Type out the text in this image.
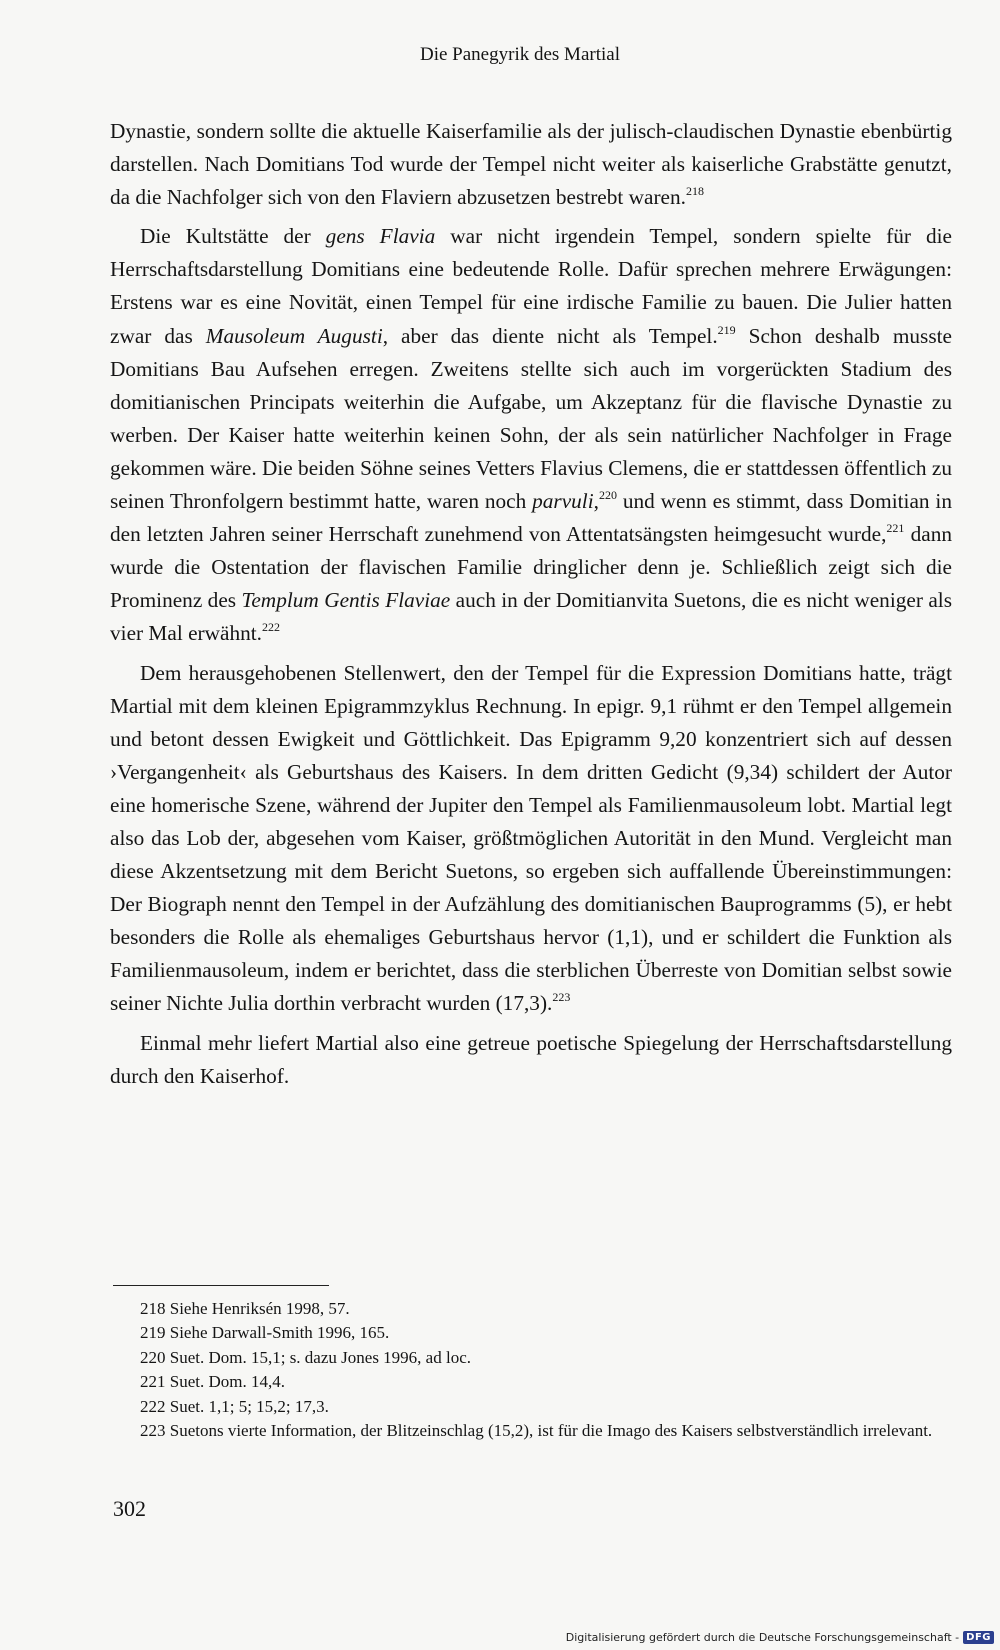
Die Panegyrik des Martial

Dynastie, sondern sollte die aktuelle Kaiserfamilie als der julisch-claudischen Dynastie ebenbürtig darstellen. Nach Domitians Tod wurde der Tempel nicht weiter als kaiserliche Grabstätte genutzt, da die Nachfolger sich von den Flaviern abzusetzen bestrebt waren.$^{218}$

Die Kultstätte der gens Flavia war nicht irgendein Tempel, sondern spielte für die Herrschaftsdarstellung Domitians eine bedeutende Rolle. Dafür sprechen mehrere Erwägungen: Erstens war es eine Novität, einen Tempel für eine irdische Familie zu bauen. Die Julier hatten zwar das Mausoleum Augusti, aber das diente nicht als Tempel.$^{219}$ Schon deshalb musste Domitians Bau Aufsehen erregen. Zweitens stellte sich auch im vorgerückten Stadium des domitianischen Principats weiterhin die Aufgabe, um Akzeptanz für die flavische Dynastie zu werben. Der Kaiser hatte weiterhin keinen Sohn, der als sein natürlicher Nachfolger in Frage gekommen wäre. Die beiden Söhne seines Vetters Flavius Clemens, die er stattdessen öffentlich zu seinen Thronfolgern bestimmt hatte, waren noch parvuli,$^{220}$ und wenn es stimmt, dass Domitian in den letzten Jahren seiner Herrschaft zunehmend von Attentatsängsten heimgesucht wurde,$^{221}$ dann wurde die Ostentation der flavischen Familie dringlicher denn je. Schließlich zeigt sich die Prominenz des Templum Gentis Flaviae auch in der Domitianvita Suetons, die es nicht weniger als vier Mal erwähnt.$^{222}$

Dem herausgehobenen Stellenwert, den der Tempel für die Expression Domitians hatte, trägt Martial mit dem kleinen Epigrammzyklus Rechnung. In epigr. 9,1 rühmt er den Tempel allgemein und betont dessen Ewigkeit und Göttlichkeit. Das Epigramm 9,20 konzentriert sich auf dessen ›Vergangenheit‹ als Geburtshaus des Kaisers. In dem dritten Gedicht (9,34) schildert der Autor eine homerische Szene, während der Jupiter den Tempel als Familienmausoleum lobt. Martial legt also das Lob der, abgesehen vom Kaiser, größtmöglichen Autorität in den Mund. Vergleicht man diese Akzentsetzung mit dem Bericht Suetons, so ergeben sich auffallende Übereinstimmungen: Der Biograph nennt den Tempel in der Aufzählung des domitianischen Bauprogramms (5), er hebt besonders die Rolle als ehemaliges Geburtshaus hervor (1,1), und er schildert die Funktion als Familienmausoleum, indem er berichtet, dass die sterblichen Überreste von Domitian selbst sowie seiner Nichte Julia dorthin verbracht wurden (17,3).$^{223}$

Einmal mehr liefert Martial also eine getreue poetische Spiegelung der Herrschaftsdarstellung durch den Kaiserhof.

218 Siehe Henriksén 1998, 57.
219 Siehe Darwall-Smith 1996, 165.
220 Suet. Dom. 15,1; s. dazu Jones 1996, ad loc.
221 Suet. Dom. 14,4.
222 Suet. 1,1; 5; 15,2; 17,3.
223 Suetons vierte Information, der Blitzeinschlag (15,2), ist für die Imago des Kaisers selbstverständlich irrelevant.
302
Digitalisierung gefördert durch die Deutsche Forschungsgemeinschaft - DFG
